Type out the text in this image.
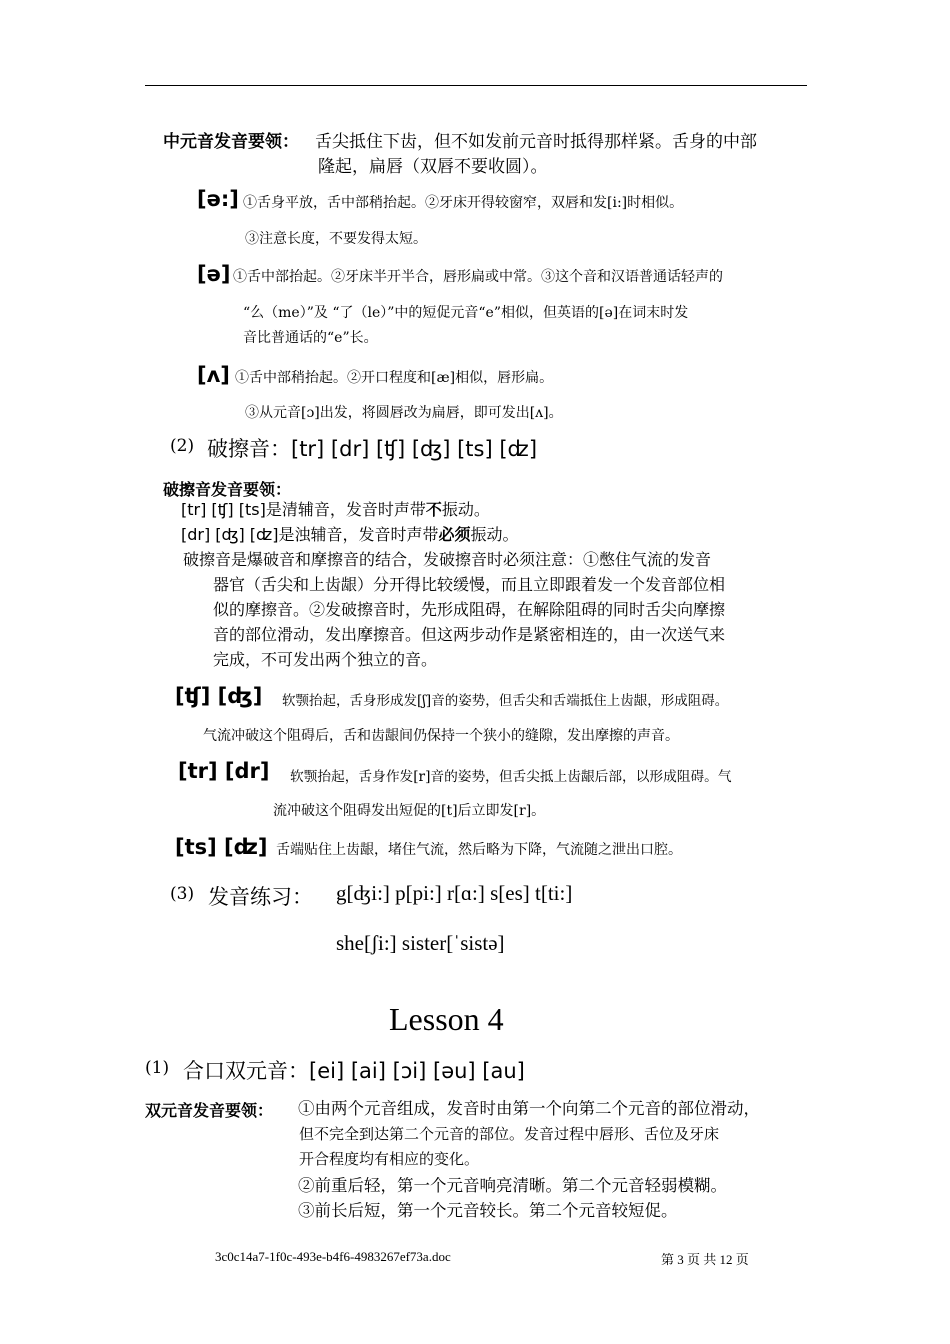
中元音发音要领： 舌尖抵住下齿，但不如发前元音时抵得那样紧。舌身的中部
隆起，扁唇（双唇不要收圆）。
[ə:] ①舌身平放，舌中部稍抬起。②牙床开得较窗窄，双唇和发[i:]时相似。
③注意长度，不要发得太短。
[ə] ①舌中部抬起。②牙床半开半合，唇形扁或中常。③这个音和汉语普通话轻声的
“么（me）”及 “了（le）”中的短促元音“e”相似，但英语的[ə]在词末时发
音比普通话的“e”长。
[ʌ] ①舌中部稍抬起。②开口程度和[æ]相似，唇形扁。
③从元音[ɔ]出发，将圆唇改为扁唇，即可发出[ʌ]。
(2) 破擦音：[tr] [dr] [ʧ] [ʤ] [ts] [ʣ]
破擦音发音要领：
[tr] [ʧ] [ts]是清辅音，发音时声带不振动。
[dr] [ʤ] [ʣ]是浊辅音，发音时声带必须振动。
破擦音是爆破音和摩擦音的结合，发破擦音时必须注意：①憋住气流的发音
器官（舌尖和上齿龈）分开得比较缓慢，而且立即跟着发一个发音部位相
似的摩擦音。②发破擦音时，先形成阻碍，在解除阻碍的同时舌尖向摩擦
音的部位滑动，发出摩擦音。但这两步动作是紧密相连的，由一次送气来
完成，不可发出两个独立的音。
[ʧ] [ʤ] 软颚抬起，舌身形成发[ʃ]音的姿势，但舌尖和舌端抵住上齿龈，形成阻碍。
气流冲破这个阻碍后，舌和齿龈间仍保持一个狭小的缝隙，发出摩擦的声音。
[tr] [dr] 软颚抬起，舌身作发[r]音的姿势，但舌尖抵上齿龈后部，以形成阻碍。气
流冲破这个阻碍发出短促的[t]后立即发[r]。
[ts] [ʣ] 舌端贴住上齿龈，堵住气流，然后略为下降，气流随之泄出口腔。
(3) 发音练习： g[ʤi:] p[pi:] r[ɑ:] s[es] t[ti:]
she[ʃi:] sister[ˈsistə]
Lesson 4
(1) 合口双元音：[ei] [ai] [ɔi] [əu] [au]
双元音发音要领： ①由两个元音组成，发音时由第一个向第二个元音的部位滑动，
但不完全到达第二个元音的部位。发音过程中唇形、舌位及牙床
开合程度均有相应的变化。
②前重后轻，第一个元音响亮清晰。第二个元音轻弱模糊。
③前长后短，第一个元音较长。第二个元音较短促。
3c0c14a7-1f0c-493e-b4f6-4983267ef73a.doc	第 3 页 共 12 页
